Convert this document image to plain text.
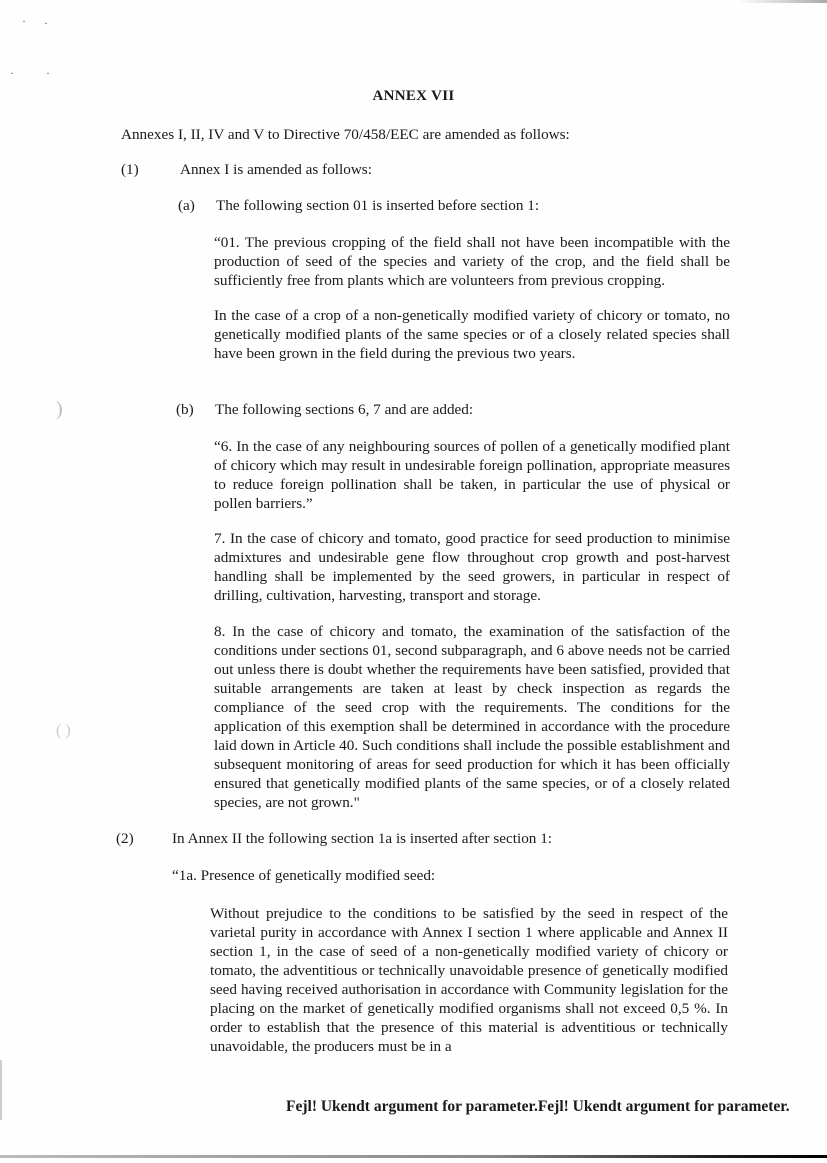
· ·
·	·
)
( )
ANNEX VII
Annexes I, II, IV and V to Directive 70/458/EEC are amended as follows:
(1)	Annex I is amended as follows:
(a) The following section 01 is inserted before section 1:
“01. The previous cropping of the field shall not have been incompatible with the production of seed of the species and variety of the crop, and the field shall be sufficiently free from plants which are volunteers from previous cropping.
In the case of a crop of a non-genetically modified variety of chicory or tomato, no genetically modified plants of the same species or of a closely related species shall have been grown in the field during the previous two years.
(b) The following sections 6, 7 and are added:
“6. In the case of any neighbouring sources of pollen of a genetically modified plant of chicory which may result in undesirable foreign pollination, appropriate measures to reduce foreign pollination shall be taken, in particular the use of physical or pollen barriers.”
7. In the case of chicory and tomato, good practice for seed production to minimise admixtures and undesirable gene flow throughout crop growth and post-harvest handling shall be implemented by the seed growers, in particular in respect of drilling, cultivation, harvesting, transport and storage.
8. In the case of chicory and tomato, the examination of the satisfaction of the conditions under sections 01, second subparagraph, and 6 above needs not be carried out unless there is doubt whether the requirements have been satisfied, provided that suitable arrangements are taken at least by check inspection as regards the compliance of the seed crop with the requirements. The conditions for the application of this exemption shall be determined in accordance with the procedure laid down in Article 40. Such conditions shall include the possible establishment and subsequent monitoring of areas for seed production for which it has been officially ensured that genetically modified plants of the same species, or of a closely related species, are not grown."
(2)	In Annex II the following section 1a is inserted after section 1:
“1a. Presence of genetically modified seed:
Without prejudice to the conditions to be satisfied by the seed in respect of the varietal purity in accordance with Annex I section 1 where applicable and Annex II section 1, in the case of seed of a non-genetically modified variety of chicory or tomato, the adventitious or technically unavoidable presence of genetically modified seed having received authorisation in accordance with Community legislation for the placing on the market of genetically modified organisms shall not exceed 0,5 %. In order to establish that the presence of this material is adventitious or technically unavoidable, the producers must be in a
Fejl! Ukendt argument for parameter.Fejl! Ukendt argument for parameter.
